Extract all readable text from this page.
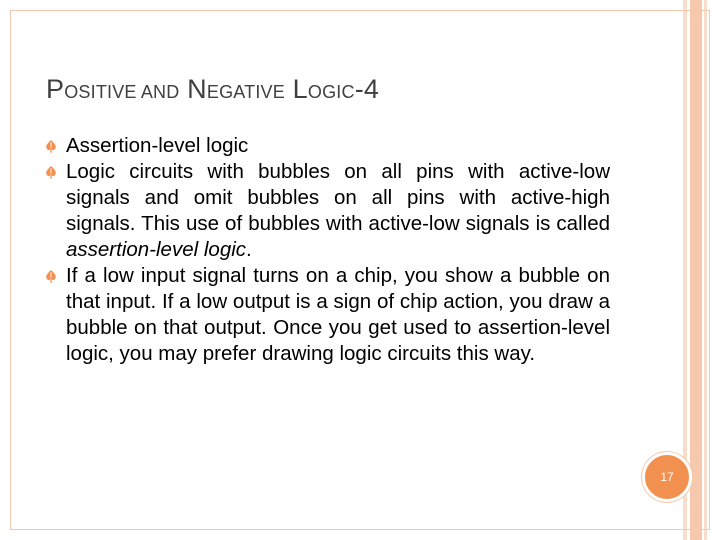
POSITIVE AND NEGATIVE LOGIC-4
Assertion-level logic
Logic circuits with bubbles on all pins with active-low signals and omit bubbles on all pins with active-high signals. This use of bubbles with active-low signals is called assertion-level logic.
If a low input signal turns on a chip, you show a bubble on that input. If a low output is a sign of chip action, you draw a bubble on that output. Once you get used to assertion-level logic, you may prefer drawing logic circuits this way.
17
